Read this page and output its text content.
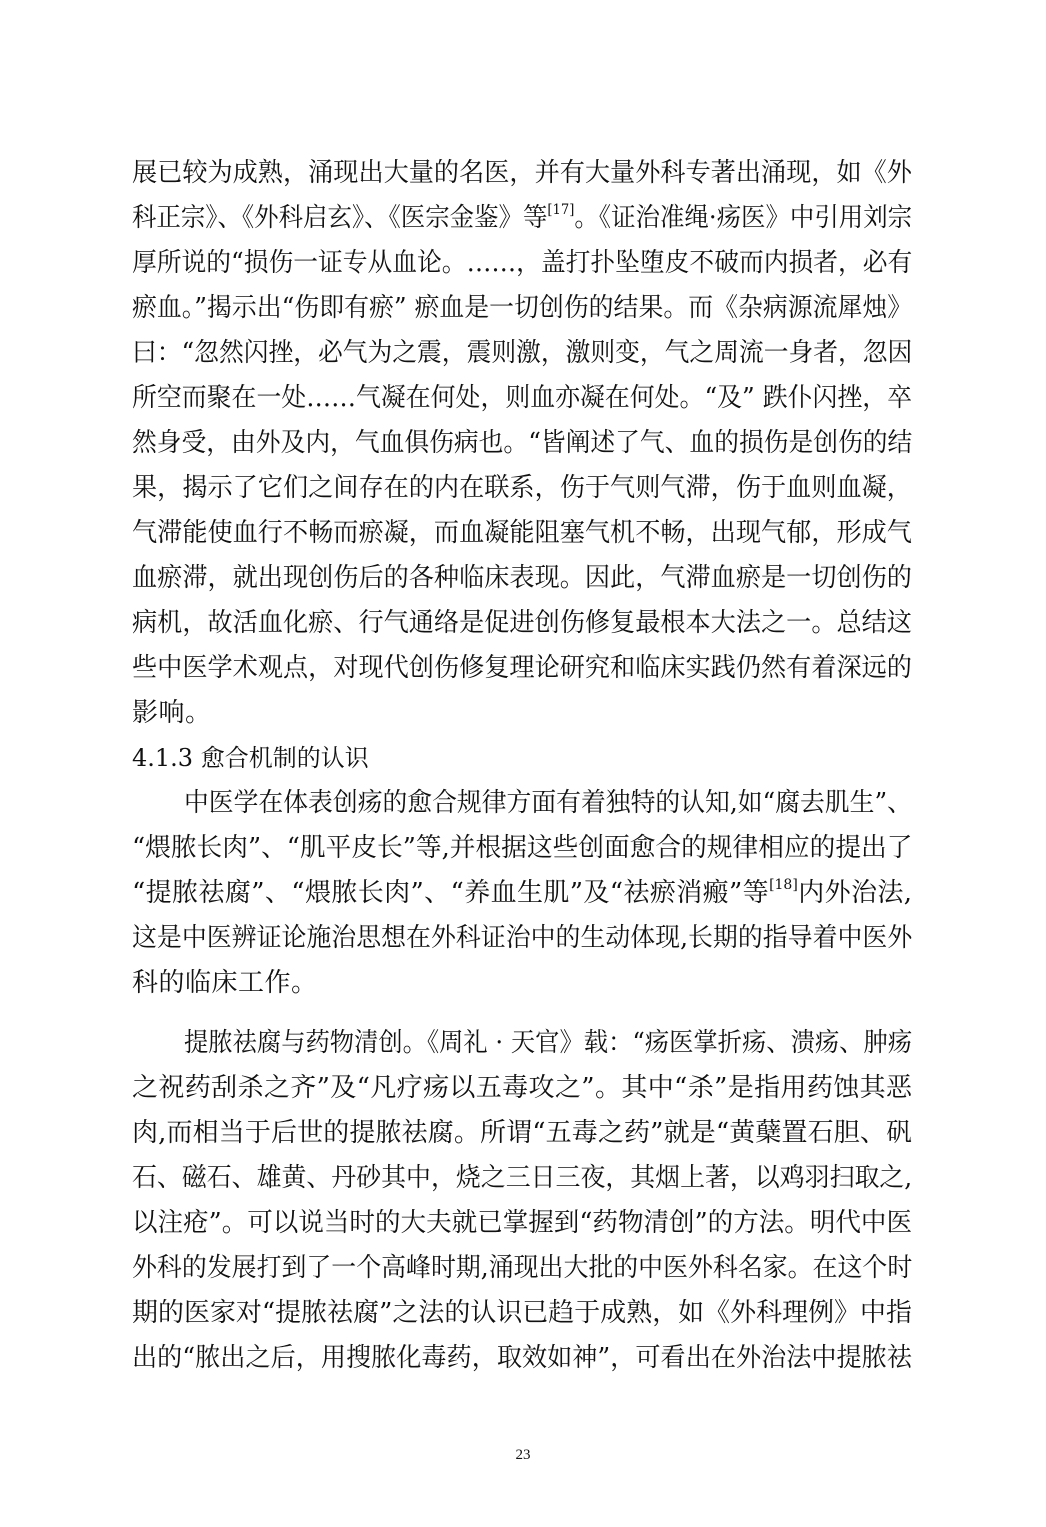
展已较为成熟，涌现出大量的名医，并有大量外科专著出涌现，如《外
科正宗》、《外科启玄》、《医宗金鉴》等[17]。《证治准绳·疡医》中引用刘宗
厚所说的“损伤一证专从血论。……，盖打扑坠堕皮不破而内损者，必有
瘀血。”揭示出“伤即有瘀” 瘀血是一切创伤的结果。而《杂病源流犀烛》
曰：“忽然闪挫，必气为之震，震则激，激则变，气之周流一身者，忽因
所空而聚在一处……气凝在何处，则血亦凝在何处。“及” 跌仆闪挫，卒
然身受，由外及内，气血俱伤病也。“皆阐述了气、血的损伤是创伤的结
果，揭示了它们之间存在的内在联系，伤于气则气滞，伤于血则血凝，
气滞能使血行不畅而瘀凝，而血凝能阻塞气机不畅，出现气郁，形成气
血瘀滞，就出现创伤后的各种临床表现。因此，气滞血瘀是一切创伤的
病机，故活血化瘀、行气通络是促进创伤修复最根本大法之一。总结这
些中医学术观点，对现代创伤修复理论研究和临床实践仍然有着深远的
影响。
4.1.3 愈合机制的认识
中医学在体表创疡的愈合规律方面有着独特的认知,如“腐去肌生”、
“煨脓长肉”、“肌平皮长”等,并根据这些创面愈合的规律相应的提出了
“提脓祛腐”、“煨脓长肉”、“养血生肌”及“祛瘀消瘢”等[18]内外治法,
这是中医辨证论施治思想在外科证治中的生动体现,长期的指导着中医外
科的临床工作。
提脓祛腐与药物清创。《周礼 · 天官》载：“疡医掌折疡、溃疡、肿疡
之祝药刮杀之齐”及“凡疗疡以五毒攻之”。其中“杀”是指用药蚀其恶
肉,而相当于后世的提脓祛腐。所谓“五毒之药”就是“黄蘖置石胆、矾
石、磁石、雄黄、丹砂其中，烧之三日三夜，其烟上著，以鸡羽扫取之,
以注疮”。可以说当时的大夫就已掌握到“药物清创”的方法。明代中医
外科的发展打到了一个高峰时期,涌现出大批的中医外科名家。在这个时
期的医家对“提脓祛腐”之法的认识已趋于成熟，如《外科理例》中指
出的“脓出之后，用搜脓化毒药，取效如神”，可看出在外治法中提脓祛
23
